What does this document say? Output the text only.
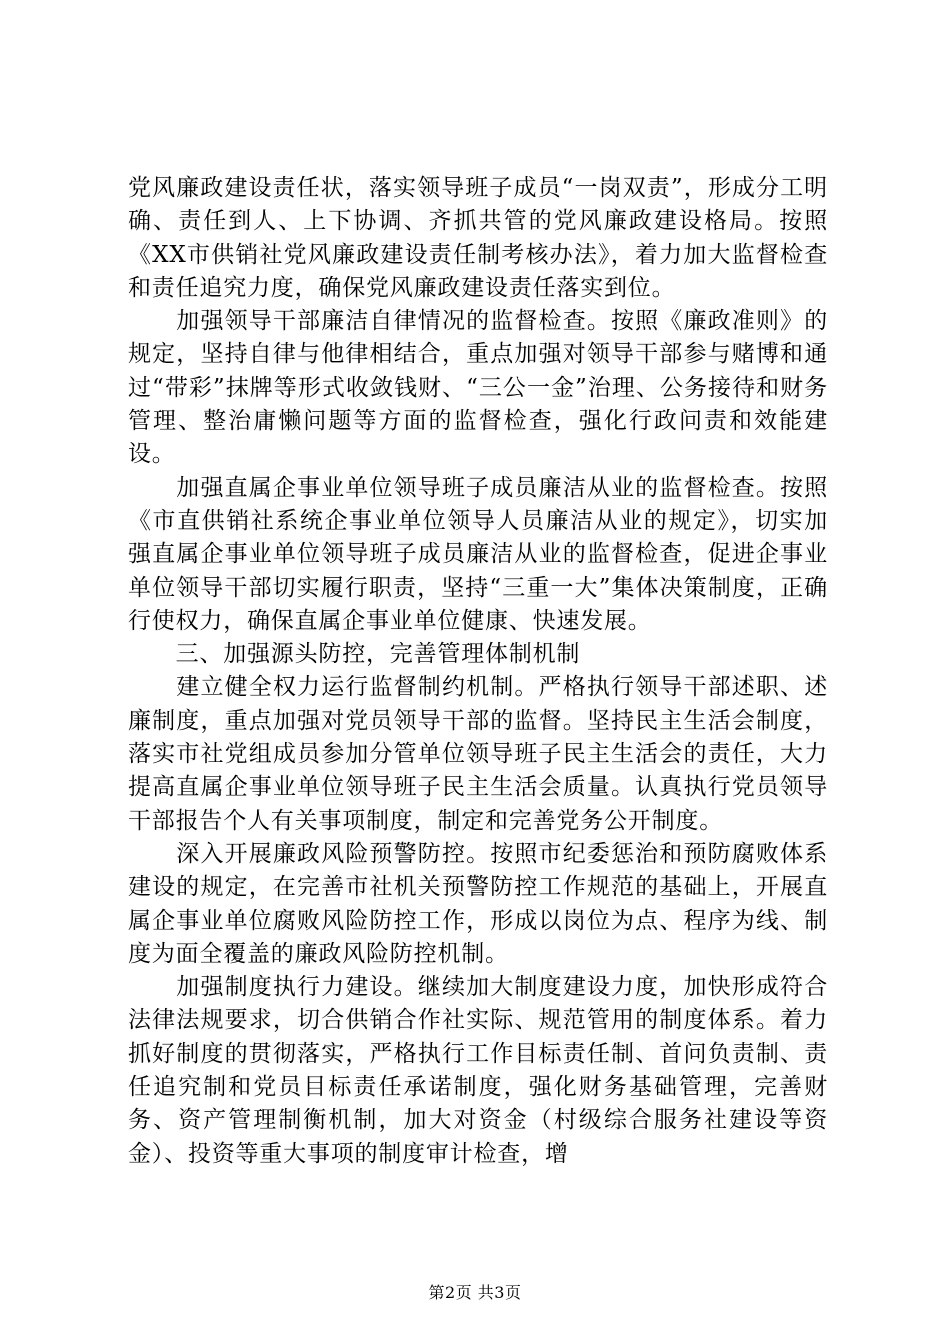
党风廉政建设责任状，落实领导班子成员“一岗双责”，形成分工明确、责任到人、上下协调、齐抓共管的党风廉政建设格局。按照《XX市供销社党风廉政建设责任制考核办法》，着力加大监督检查和责任追究力度，确保党风廉政建设责任落实到位。

　　加强领导干部廉洁自律情况的监督检查。按照《廉政准则》的规定，坚持自律与他律相结合，重点加强对领导干部参与赌博和通过“带彩”抹牌等形式收敛钱财、“三公一金”治理、公务接待和财务管理、整治庸懒问题等方面的监督检查，强化行政问责和效能建设。

　　加强直属企事业单位领导班子成员廉洁从业的监督检查。按照《市直供销社系统企事业单位领导人员廉洁从业的规定》，切实加强直属企事业单位领导班子成员廉洁从业的监督检查，促进企事业单位领导干部切实履行职责，坚持“三重一大”集体决策制度，正确行使权力，确保直属企事业单位健康、快速发展。

　　三、加强源头防控，完善管理体制机制

　　建立健全权力运行监督制约机制。严格执行领导干部述职、述廉制度，重点加强对党员领导干部的监督。坚持民主生活会制度，落实市社党组成员参加分管单位领导班子民主生活会的责任，大力提高直属企事业单位领导班子民主生活会质量。认真执行党员领导干部报告个人有关事项制度，制定和完善党务公开制度。

　　深入开展廉政风险预警防控。按照市纪委惩治和预防腐败体系建设的规定，在完善市社机关预警防控工作规范的基础上，开展直属企事业单位腐败风险防控工作，形成以岗位为点、程序为线、制度为面全覆盖的廉政风险防控机制。

　　加强制度执行力建设。继续加大制度建设力度，加快形成符合法律法规要求，切合供销合作社实际、规范管用的制度体系。着力抓好制度的贯彻落实，严格执行工作目标责任制、首问负责制、责任追究制和党员目标责任承诺制度，强化财务基础管理，完善财务、资产管理制衡机制，加大对资金（村级综合服务社建设等资金）、投资等重大事项的制度审计检查，增

第2页 共3页
